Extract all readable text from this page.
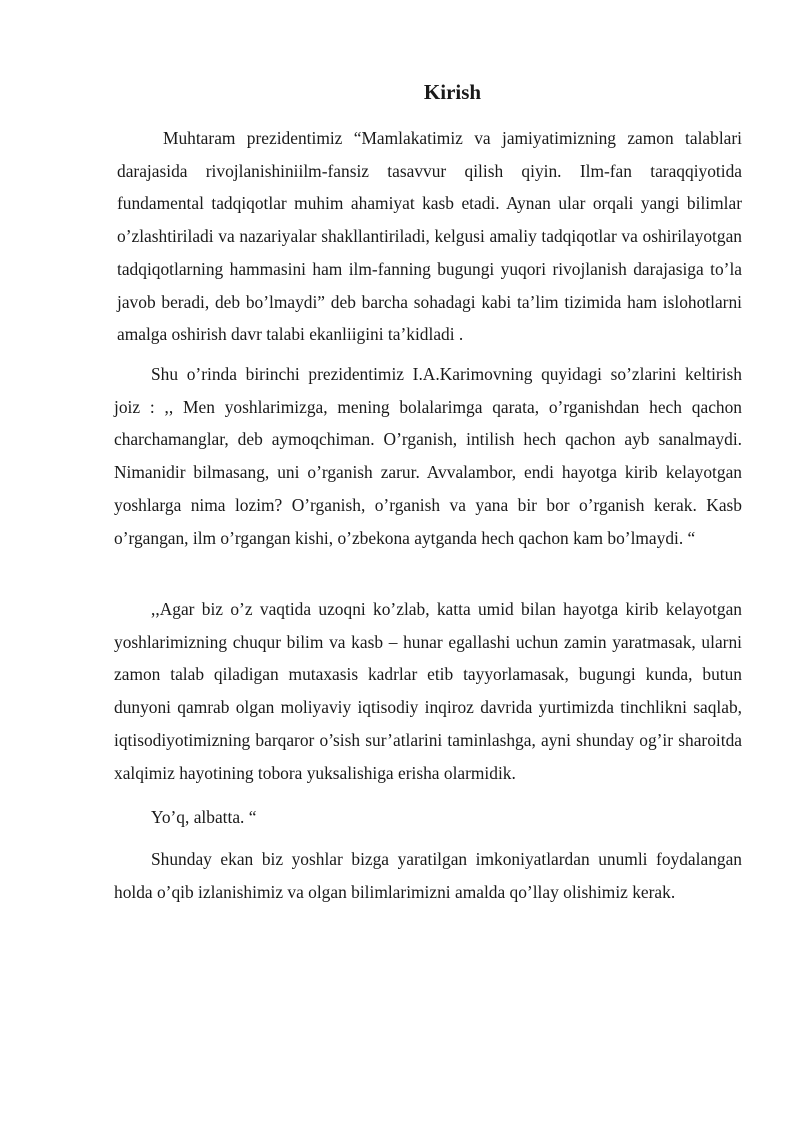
Kirish

Muhtaram prezidentimiz “Mamlakatimiz va jamiyatimizning zamon talablari darajasida rivojlanishiniilm-fansiz tasavvur qilish qiyin. Ilm-fan taraqqiyotida fundamental tadqiqotlar muhim ahamiyat kasb etadi. Aynan ular orqali yangi bilimlar o’zlashtiriladi va nazariyalar shakllantiriladi, kelgusi amaliy tadqiqotlar va oshirilayotgan tadqiqotlarning hammasini ham ilm-fanning bugungi yuqori rivojlanish darajasiga to’la javob beradi, deb bo’lmaydi” deb barcha sohadagi kabi ta’lim tizimida ham islohotlarni amalga oshirish davr talabi ekanliigini ta’kidladi .

Shu o’rinda birinchi prezidentimiz I.A.Karimovning quyidagi so’zlarini keltirish joiz : ,, Men yoshlarimizga, mening bolalarimga qarata, o’rganishdan hech qachon charchamanglar, deb aymoqchiman. O’rganish, intilish hech qachon ayb sanalmaydi. Nimanidir bilmasang, uni o’rganish zarur. Avvalambor, endi hayotga kirib kelayotgan yoshlarga nima lozim? O’rganish, o’rganish va yana bir bor o’rganish kerak. Kasb o’rgangan, ilm o’rgangan kishi, o’zbekona aytganda hech qachon kam bo’lmaydi. “

,,Agar biz o’z vaqtida uzoqni ko’zlab, katta umid bilan hayotga kirib kelayotgan yoshlarimizning chuqur bilim va kasb – hunar egallashi uchun zamin yaratmasak, ularni zamon talab qiladigan mutaxasis kadrlar etib tayyorlamasak, bugungi kunda, butun dunyoni qamrab olgan moliyaviy iqtisodiy inqiroz davrida yurtimizda tinchlikni saqlab, iqtisodiyotimizning barqaror o’sish sur’atlarini taminlashga, ayni shunday og’ir sharoitda xalqimiz hayotining tobora yuksalishiga erisha olarmidik.

Yo’q, albatta. “

Shunday ekan biz yoshlar bizga yaratilgan imkoniyatlardan unumli foydalangan holda o’qib izlanishimiz va olgan bilimlarimizni amalda qo’llay olishimiz kerak.
